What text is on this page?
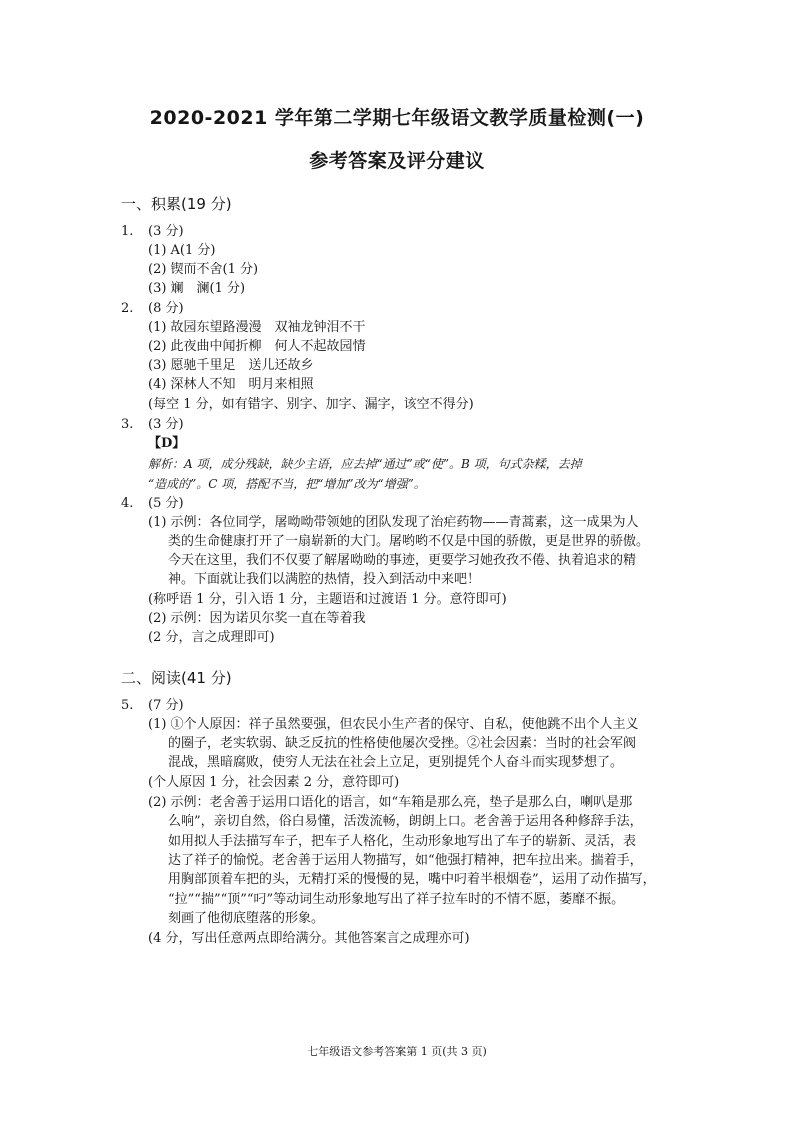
2020-2021 学年第二学期七年级语文教学质量检测(一)
参考答案及评分建议
一、积累(19 分)
1. (3 分)
(1) A(1 分)
(2) 锲而不舍(1 分)
(3) 斓　澜(1 分)
2. (8 分)
(1) 故园东望路漫漫　双袖龙钟泪不干
(2) 此夜曲中闻折柳　何人不起故园情
(3) 愿驰千里足　送儿还故乡
(4) 深林人不知　明月来相照
(每空 1 分，如有错字、别字、加字、漏字，该空不得分)
3. (3 分)
【D】
解析：A 项，成分残缺，缺少主语，应去掉“通过”或“使”。B 项，句式杂糅，去掉
“造成的”。C 项，搭配不当，把“增加”改为“增强”。
4. (5 分)
(1) 示例：各位同学，屠呦呦带领她的团队发现了治疟药物——青蒿素，这一成果为人
类的生命健康打开了一扇崭新的大门。屠哟哟不仅是中国的骄傲，更是世界的骄傲。
今天在这里，我们不仅要了解屠呦呦的事迹，更要学习她孜孜不倦、执着追求的精
神。下面就让我们以满腔的热情，投入到活动中来吧！
(称呼语 1 分，引入语 1 分，主题语和过渡语 1 分。意符即可)
(2) 示例：因为诺贝尔奖一直在等着我
(2 分，言之成理即可)
二、阅读(41 分)
5. (7 分)
(1) ①个人原因：祥子虽然要强，但农民小生产者的保守、自私，使他跳不出个人主义
的圈子，老实软弱、缺乏反抗的性格使他屡次受挫。②社会因素：当时的社会军阀
混战，黑暗腐败，使穷人无法在社会上立足，更别提凭个人奋斗而实现梦想了。
(个人原因 1 分，社会因素 2 分，意符即可)
(2) 示例：老舍善于运用口语化的语言，如“车箱是那么亮，垫子是那么白，喇叭是那
么响”，亲切自然，俗白易懂，活泼流畅，朗朗上口。老舍善于运用各种修辞手法，
如用拟人手法描写车子，把车子人格化，生动形象地写出了车子的崭新、灵活，表
达了祥子的愉悦。老舍善于运用人物描写，如“他强打精神，把车拉出来。揣着手，
用胸部顶着车把的头，无精打采的慢慢的晃，嘴中叼着半根烟卷”，运用了动作描写，
“拉”“揣”“顶”“叼”等动词生动形象地写出了祥子拉车时的不情不愿，萎靡不振。
刻画了他彻底堕落的形象。
(4 分，写出任意两点即给满分。其他答案言之成理亦可)
七年级语文参考答案第 1 页(共 3 页)
